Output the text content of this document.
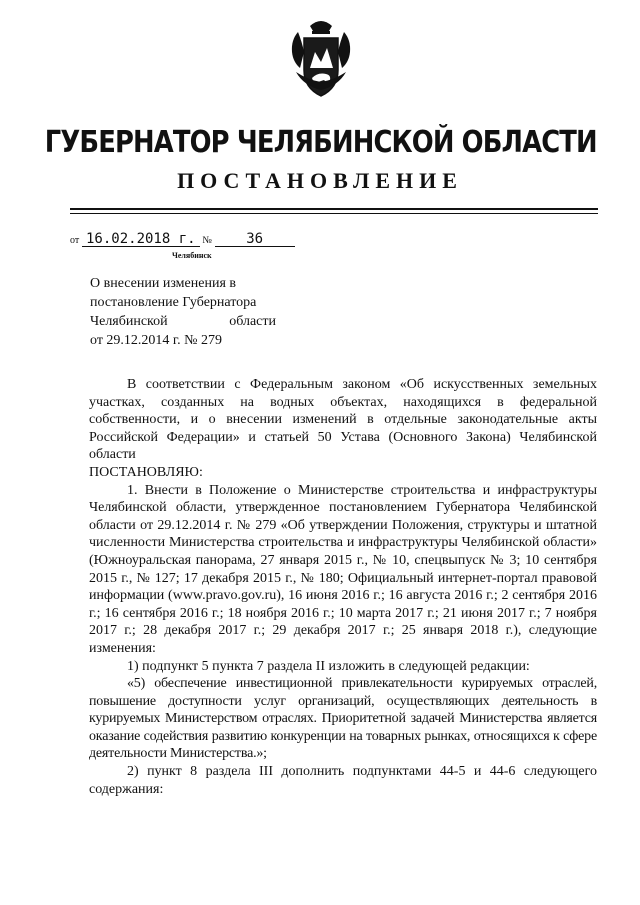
ГУБЕРНАТОР ЧЕЛЯБИНСКОЙ ОБЛАСТИ
ПОСТАНОВЛЕНИЕ
от 16.02.2018 г. № 36
Челябинск
О внесении изменения в
постановление Губернатора
Челябинской области
от 29.12.2014 г. № 279

В соответствии с Федеральным законом «Об искусственных земельных участках, созданных на водных объектах, находящихся в федеральной собственности, и о внесении изменений в отдельные законодательные акты Российской Федерации» и статьей 50 Устава (Основного Закона) Челябинской области

ПОСТАНОВЛЯЮ:

1. Внести в Положение о Министерстве строительства и инфраструктуры Челябинской области, утвержденное постановлением Губернатора Челябинской области от 29.12.2014 г. № 279 «Об утверждении Положения, структуры и штатной численности Министерства строительства и инфраструктуры Челябинской области» (Южноуральская панорама, 27 января 2015 г., № 10, спецвыпуск № 3; 10 сентября 2015 г., № 127; 17 декабря 2015 г., № 180; Официальный интернет-портал правовой информации (www.pravo.gov.ru), 16 июня 2016 г.; 16 августа 2016 г.; 2 сентября 2016 г.; 16 сентября 2016 г.; 18 ноября 2016 г.; 10 марта 2017 г.; 21 июня 2017 г.; 7 ноября 2017 г.; 28 декабря 2017 г.; 29 декабря 2017 г.; 25 января 2018 г.), следующие изменения:

1) подпункт 5 пункта 7 раздела II изложить в следующей редакции:

«5) обеспечение инвестиционной привлекательности курируемых отраслей, повышение доступности услуг организаций, осуществляющих деятельность в курируемых Министерством отраслях. Приоритетной задачей Министерства является оказание содействия развитию конкуренции на товарных рынках, относящихся к сфере деятельности Министерства.»;

2) пункт 8 раздела III дополнить подпунктами 44-5 и 44-6 следующего содержания:
